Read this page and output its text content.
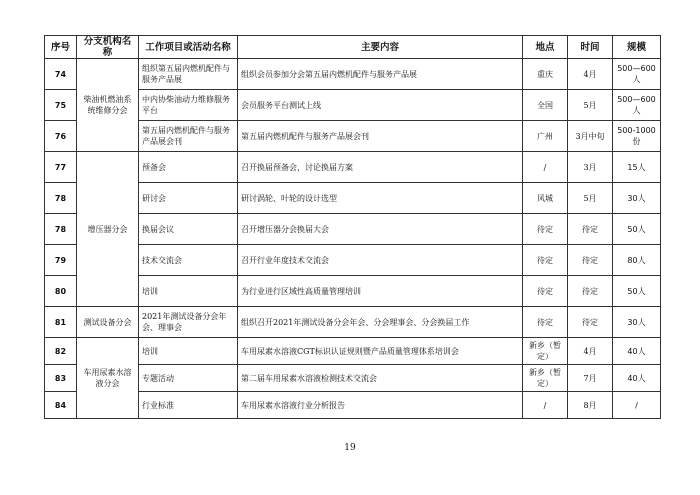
序号	分支机构名称	工作项目或活动名称	主要内容	地点	时间	规模
74	柴油机燃油系统维修分会	组织第五届内燃机配件与服务产品展	组织会员参加分会第五届内燃机配件与服务产品展	重庆	4月	500—600人
75		中内协柴油动力维修服务平台	会员服务平台测试上线	全国	5月	500—600人
76		第五届内燃机配件与服务产品展会刊	第五届内燃机配件与服务产品展会刊	广州	3月中旬	500-1000份
77	增压器分会	预备会	召开换届预备会，讨论换届方案	/	3月	15人
78		研讨会	研讨涡轮、叶轮的设计选型	风城	5月	30人
78		换届会议	召开增压器分会换届大会	待定	待定	50人
79		技术交流会	召开行业年度技术交流会	待定	待定	80人
80		培训	为行业进行区域性高质量管理培训	待定	待定	50人
81	测试设备分会	2021年测试设备分会年会、理事会	组织召开2021年测试设备分会年会、分会理事会、分会换届工作	待定	待定	30人
82	车用尿素水溶液分会	培训	车用尿素水溶液CGT标识认证规则暨产品质量管理体系培训会	新乡（暂定）	4月	40人
83		专题活动	第二届车用尿素水溶液检测技术交流会	新乡（暂定）	7月	40人
84		行业标准	车用尿素水溶液行业分析报告	/	8月	/
19
